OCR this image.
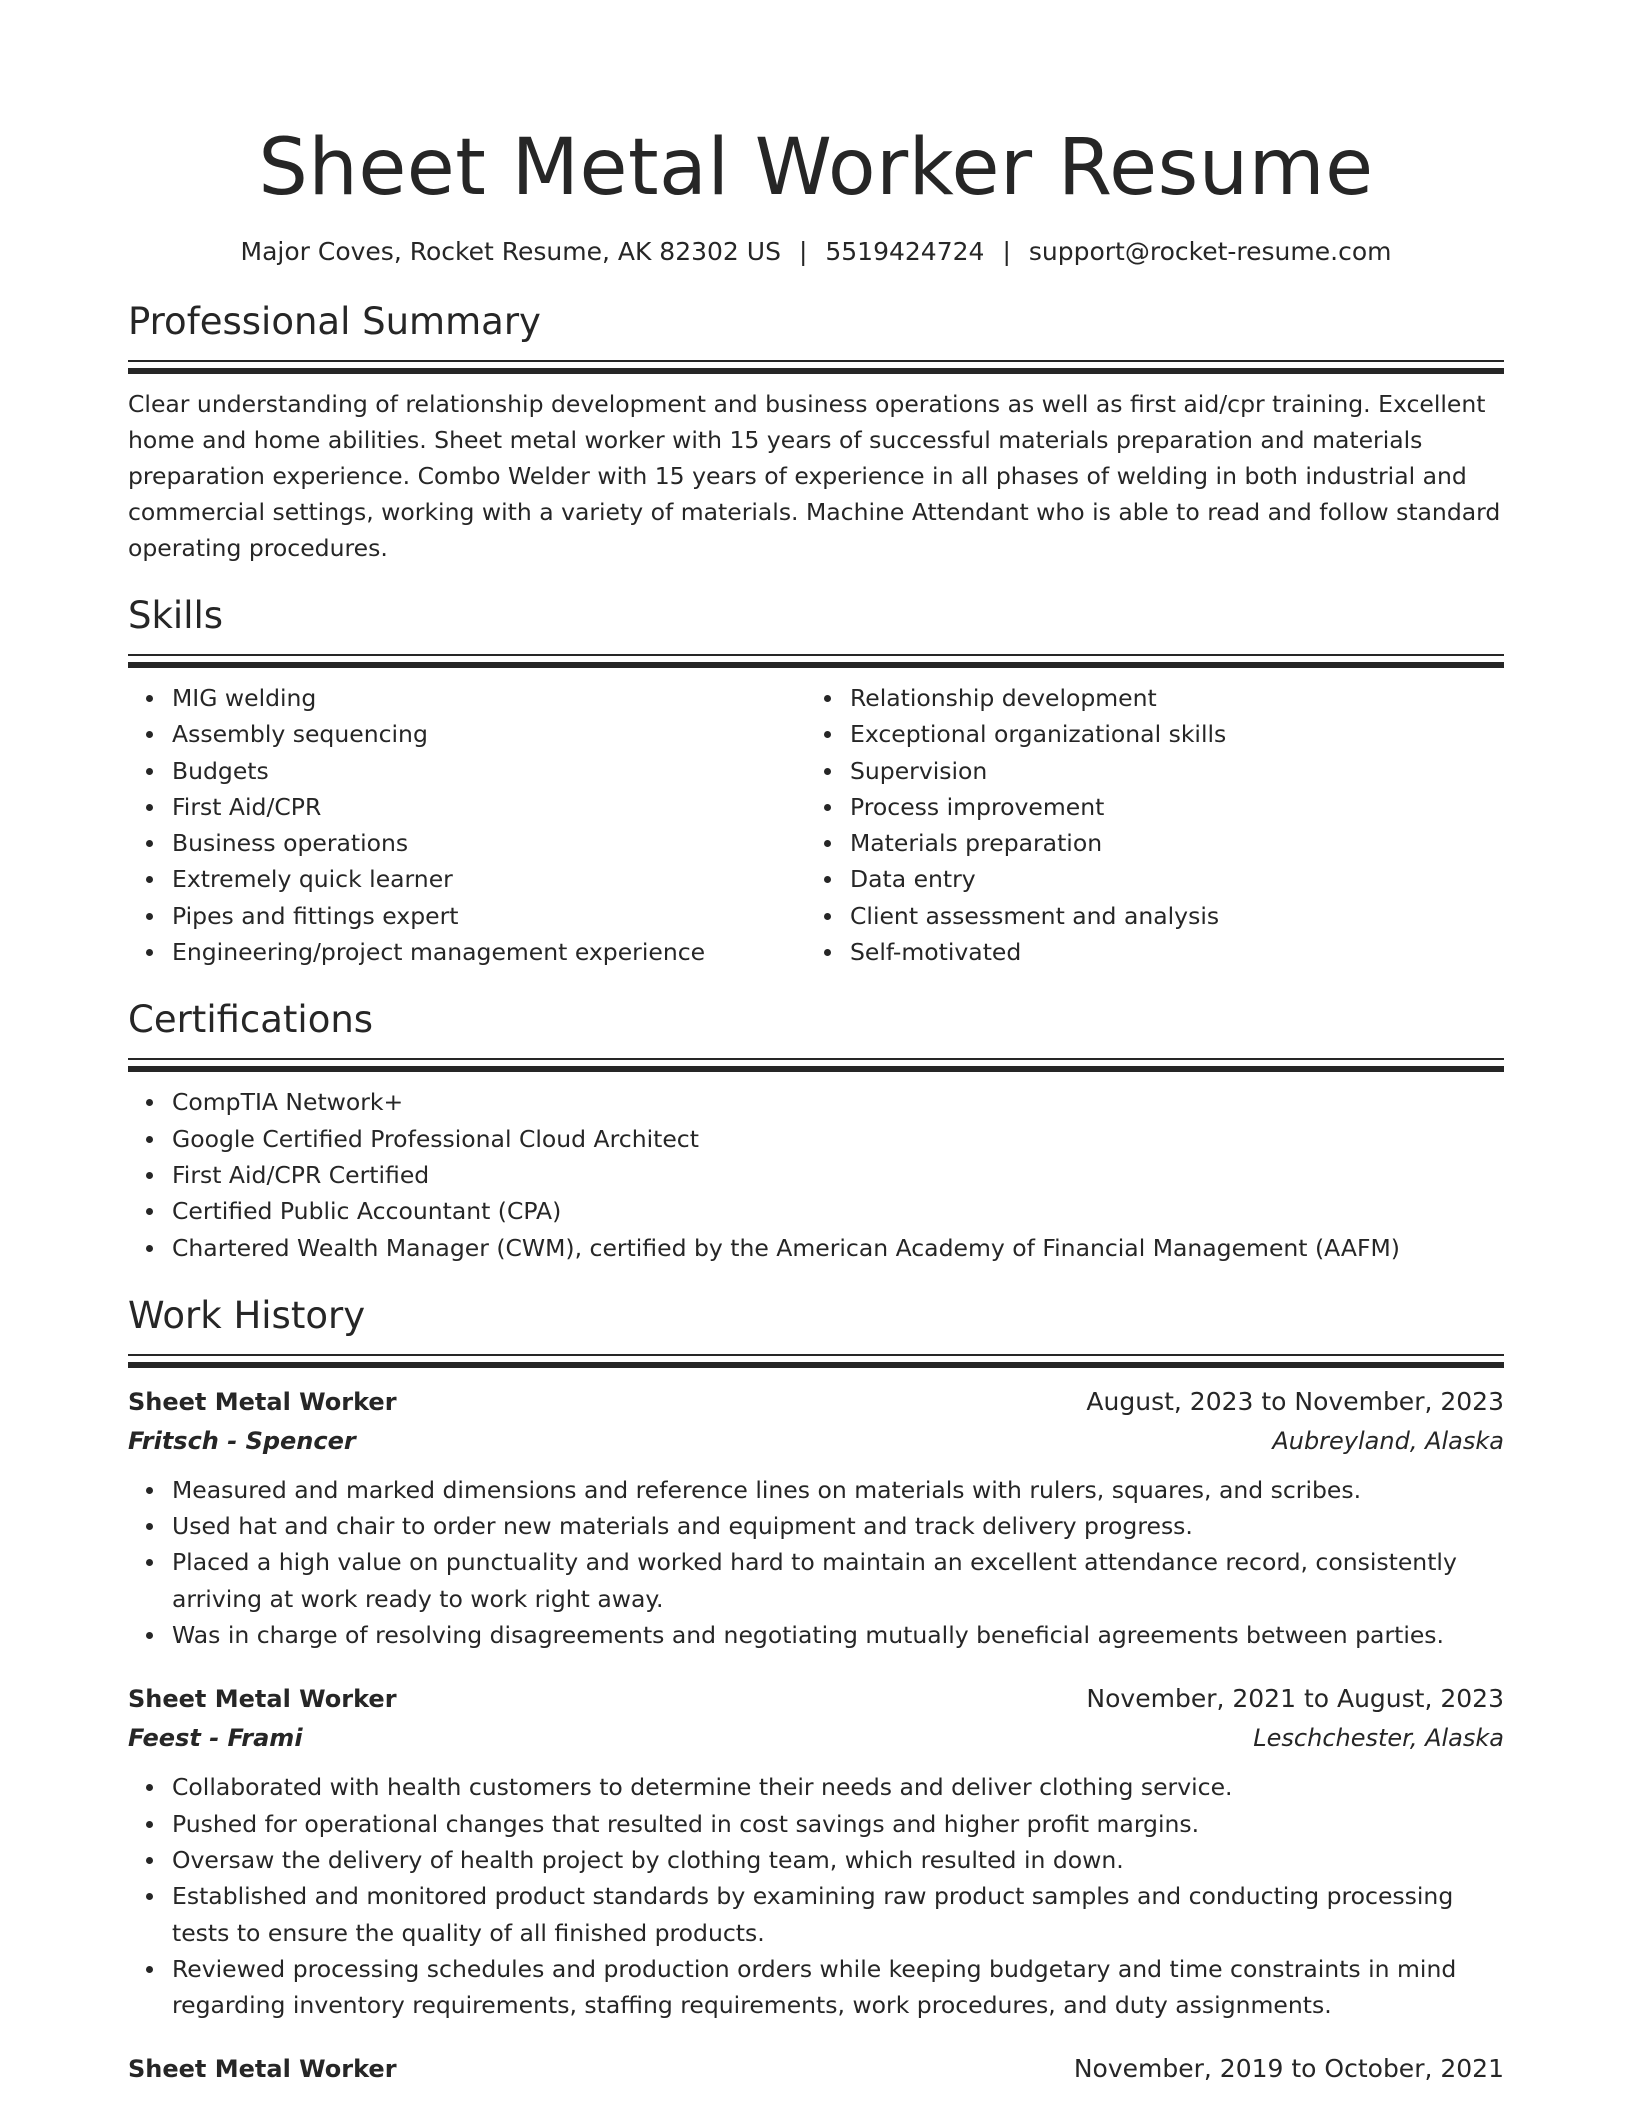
Sheet Metal Worker Resume
Major Coves, Rocket Resume, AK 82302 US | 5519424724 | support@rocket-resume.com
Professional Summary

Clear understanding of relationship development and business operations as well as first aid/cpr training. Excellent home and home abilities. Sheet metal worker with 15 years of successful materials preparation and materials preparation experience. Combo Welder with 15 years of experience in all phases of welding in both industrial and commercial settings, working with a variety of materials. Machine Attendant who is able to read and follow standard operating procedures.

Skills
MIG welding
Assembly sequencing
Budgets
First Aid/CPR
Business operations
Extremely quick learner
Pipes and fittings expert
Engineering/project management experience
Relationship development
Exceptional organizational skills
Supervision
Process improvement
Materials preparation
Data entry
Client assessment and analysis
Self-motivated
Certifications
CompTIA Network+
Google Certified Professional Cloud Architect
First Aid/CPR Certified
Certified Public Accountant (CPA)
Chartered Wealth Manager (CWM), certified by the American Academy of Financial Management (AAFM)
Work History
Sheet Metal Worker	August, 2023 to November, 2023
Fritsch - Spencer	Aubreyland, Alaska
Measured and marked dimensions and reference lines on materials with rulers, squares, and scribes.
Used hat and chair to order new materials and equipment and track delivery progress.
Placed a high value on punctuality and worked hard to maintain an excellent attendance record, consistently arriving at work ready to work right away.
Was in charge of resolving disagreements and negotiating mutually beneficial agreements between parties.
Sheet Metal Worker	November, 2021 to August, 2023
Feest - Frami	Leschchester, Alaska
Collaborated with health customers to determine their needs and deliver clothing service.
Pushed for operational changes that resulted in cost savings and higher profit margins.
Oversaw the delivery of health project by clothing team, which resulted in down.
Established and monitored product standards by examining raw product samples and conducting processing tests to ensure the quality of all finished products.
Reviewed processing schedules and production orders while keeping budgetary and time constraints in mind regarding inventory requirements, staffing requirements, work procedures, and duty assignments.
Sheet Metal Worker	November, 2019 to October, 2021
